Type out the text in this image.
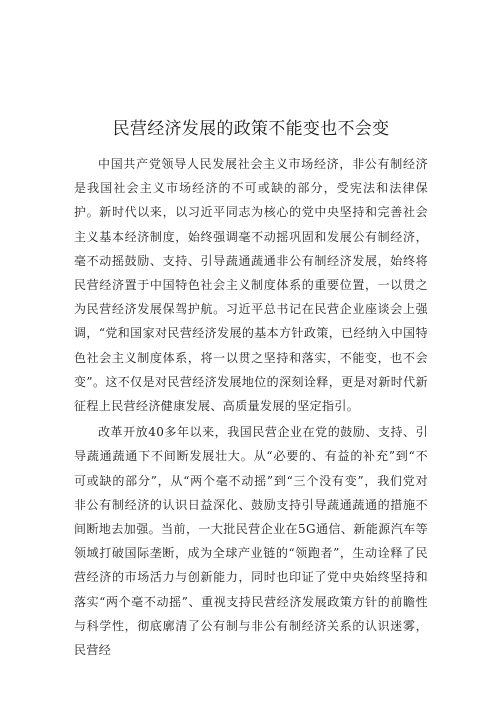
民营经济发展的政策不能变也不会变

中国共产党领导人民发展社会主义市场经济，非公有制经济是我国社会主义市场经济的不可或缺的部分，受宪法和法律保护。新时代以来，以习近平同志为核心的党中央坚持和完善社会主义基本经济制度，始终强调毫不动摇巩固和发展公有制经济，毫不动摇鼓励、支持、引导蔬通蔬通非公有制经济发展，始终将民营经济置于中国特色社会主义制度体系的重要位置，一以贯之为民营经济发展保驾护航。习近平总书记在民营企业座谈会上强调，“党和国家对民营经济发展的基本方针政策，已经纳入中国特色社会主义制度体系，将一以贯之坚持和落实，不能变，也不会变”。这不仅是对民营经济发展地位的深刻诠释，更是对新时代新征程上民营经济健康发展、高质量发展的坚定指引。

改革开放40多年以来，我国民营企业在党的鼓励、支持、引导蔬通蔬通下不间断发展壮大。从“必要的、有益的补充”到“不可或缺的部分”，从“两个毫不动摇”到“三个没有变”，我们党对非公有制经济的认识日益深化、鼓励支持引导蔬通蔬通的措施不间断地去加强。当前，一大批民营企业在5G通信、新能源汽车等领域打破国际垄断，成为全球产业链的“领跑者”，生动诠释了民营经济的市场活力与创新能力，同时也印证了党中央始终坚持和落实“两个毫不动摇”、重视支持民营经济发展政策方针的前瞻性与科学性，彻底廓清了公有制与非公有制经济关系的认识迷雾，民营经
